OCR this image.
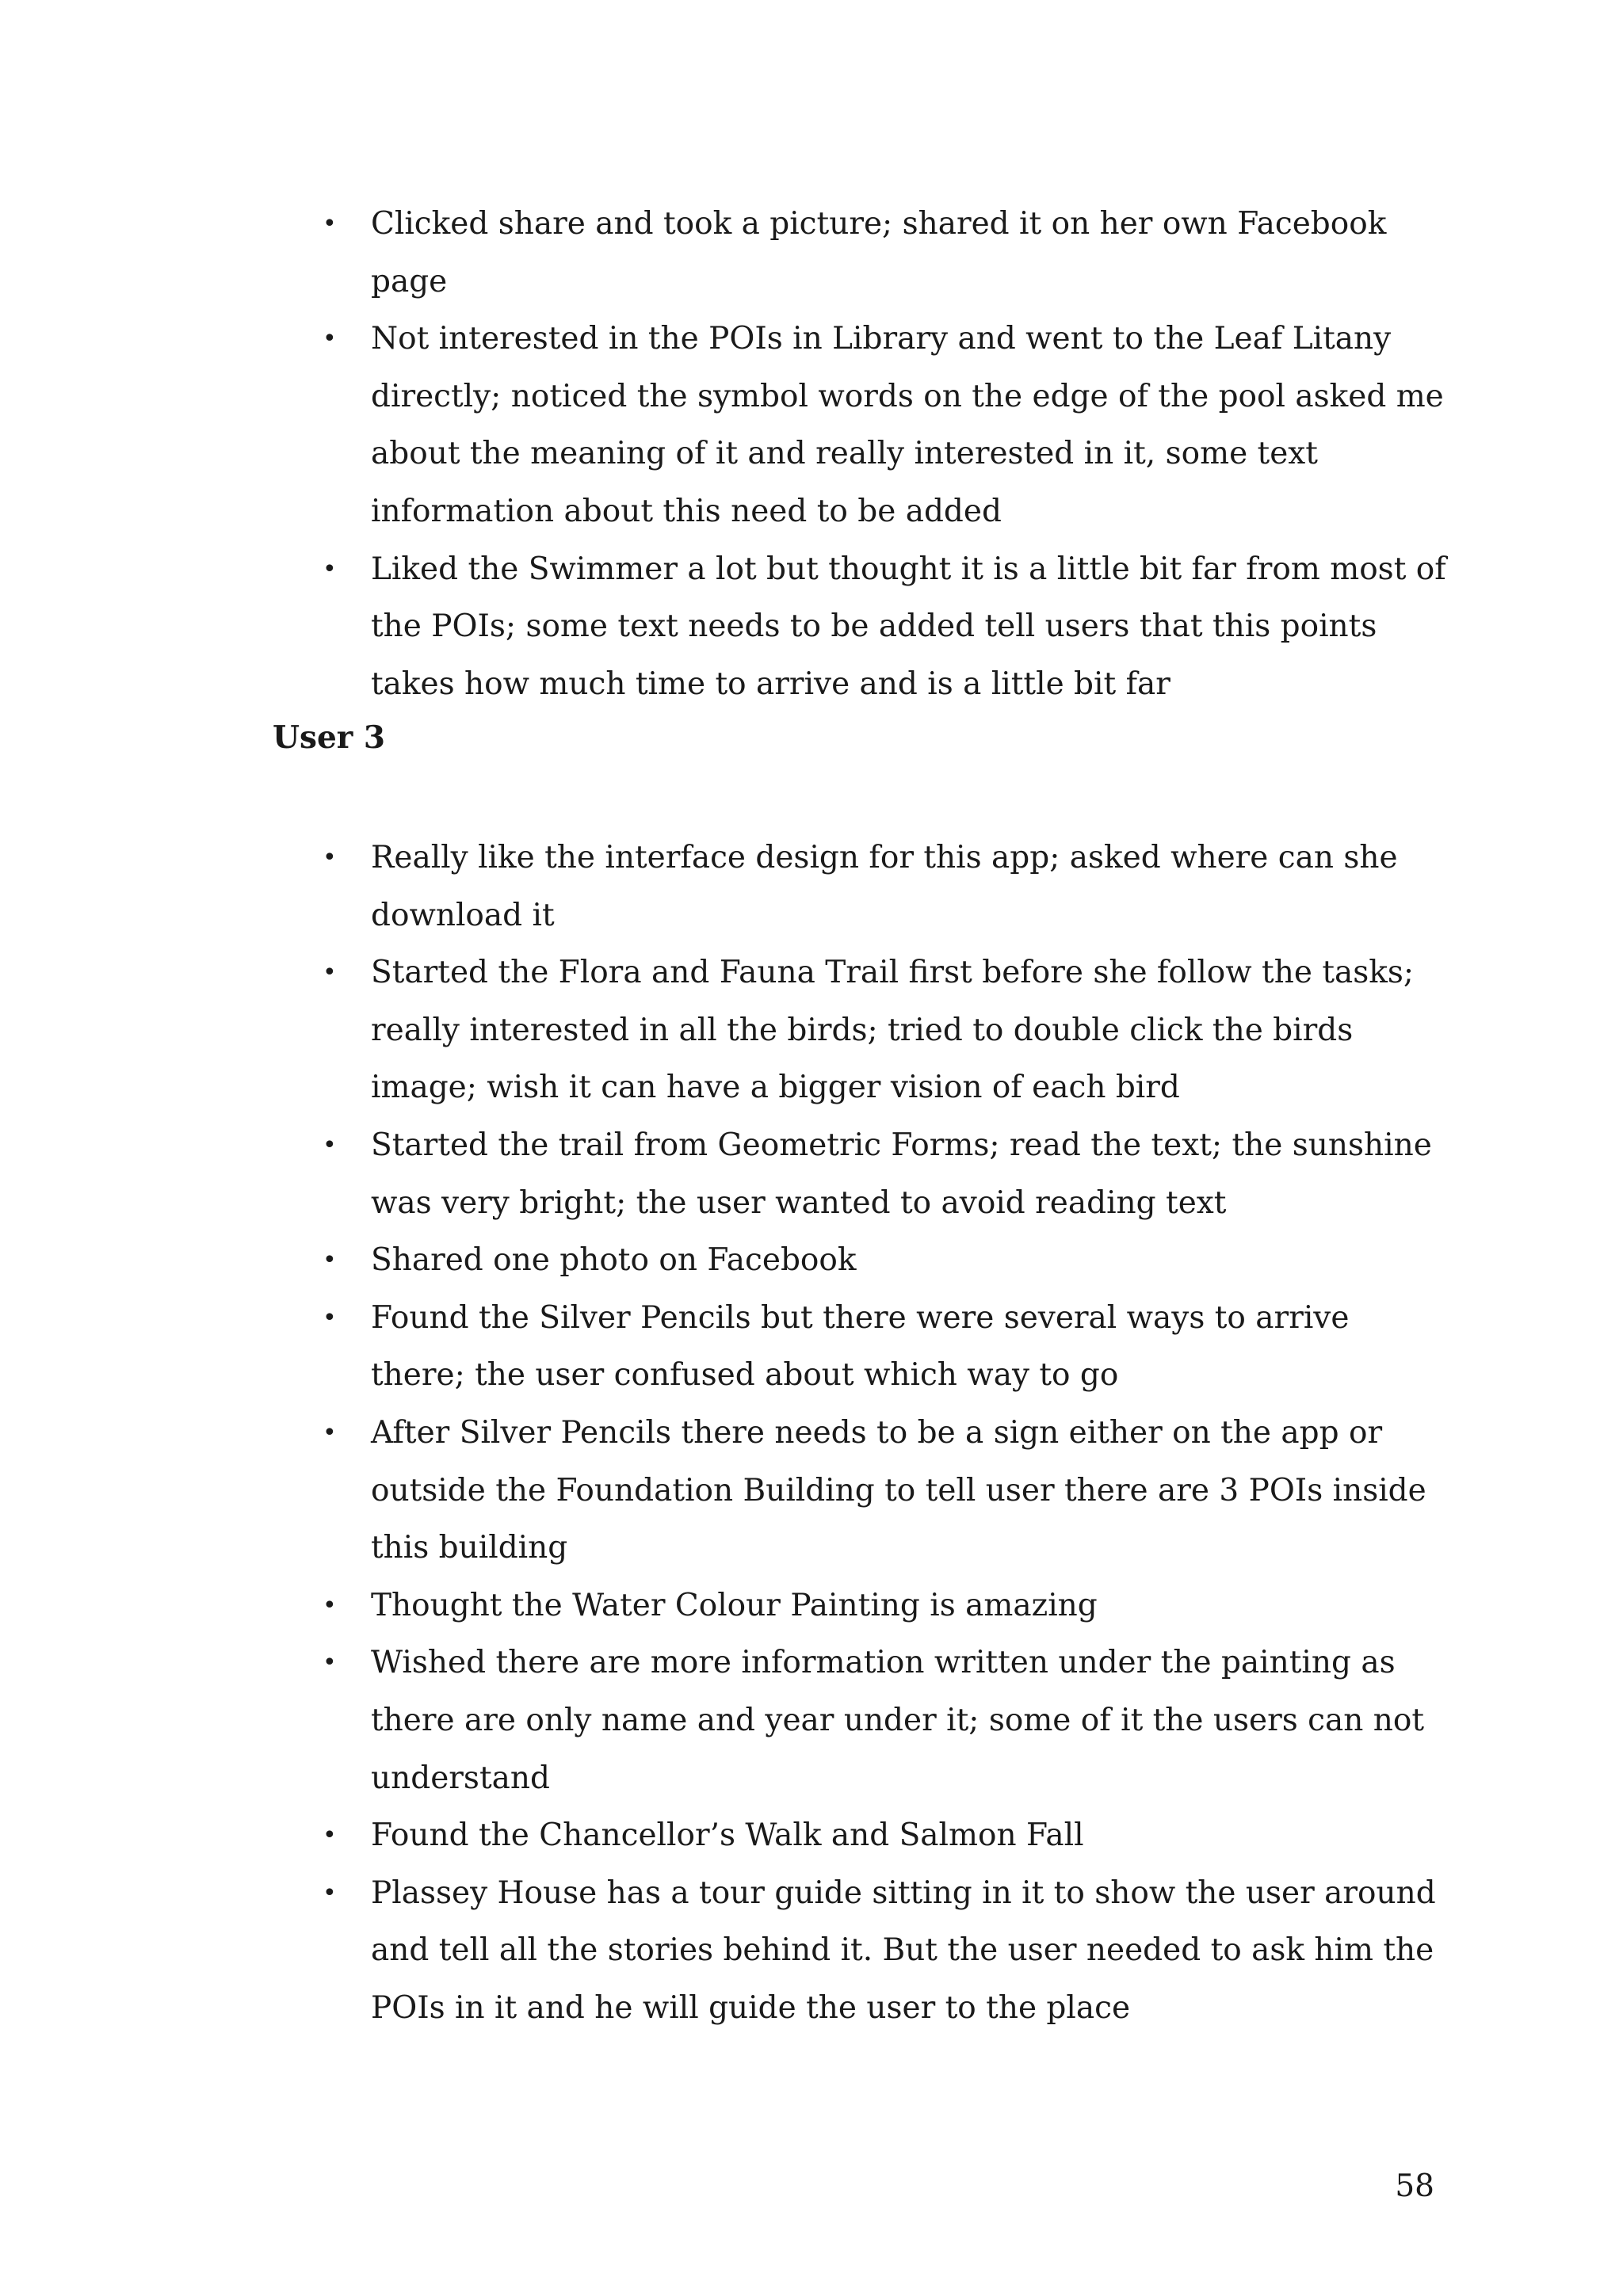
• Clicked share and took a picture; shared it on her own Facebook page
• Not interested in the POIs in Library and went to the Leaf Litany directly; noticed the symbol words on the edge of the pool asked me about the meaning of it and really interested in it, some text information about this need to be added
• Liked the Swimmer a lot but thought it is a little bit far from most of the POIs; some text needs to be added tell users that this points takes how much time to arrive and is a little bit far
User 3
• Really like the interface design for this app; asked where can she download it
• Started the Flora and Fauna Trail first before she follow the tasks; really interested in all the birds; tried to double click the birds image; wish it can have a bigger vision of each bird
• Started the trail from Geometric Forms; read the text; the sunshine was very bright; the user wanted to avoid reading text
• Shared one photo on Facebook
• Found the Silver Pencils but there were several ways to arrive there; the user confused about which way to go
• After Silver Pencils there needs to be a sign either on the app or outside the Foundation Building to tell user there are 3 POIs inside this building
• Thought the Water Colour Painting is amazing
• Wished there are more information written under the painting as there are only name and year under it; some of it the users can not understand
• Found the Chancellor’s Walk and Salmon Fall
• Plassey House has a tour guide sitting in it to show the user around and tell all the stories behind it. But the user needed to ask him the POIs in it and he will guide the user to the place
58
